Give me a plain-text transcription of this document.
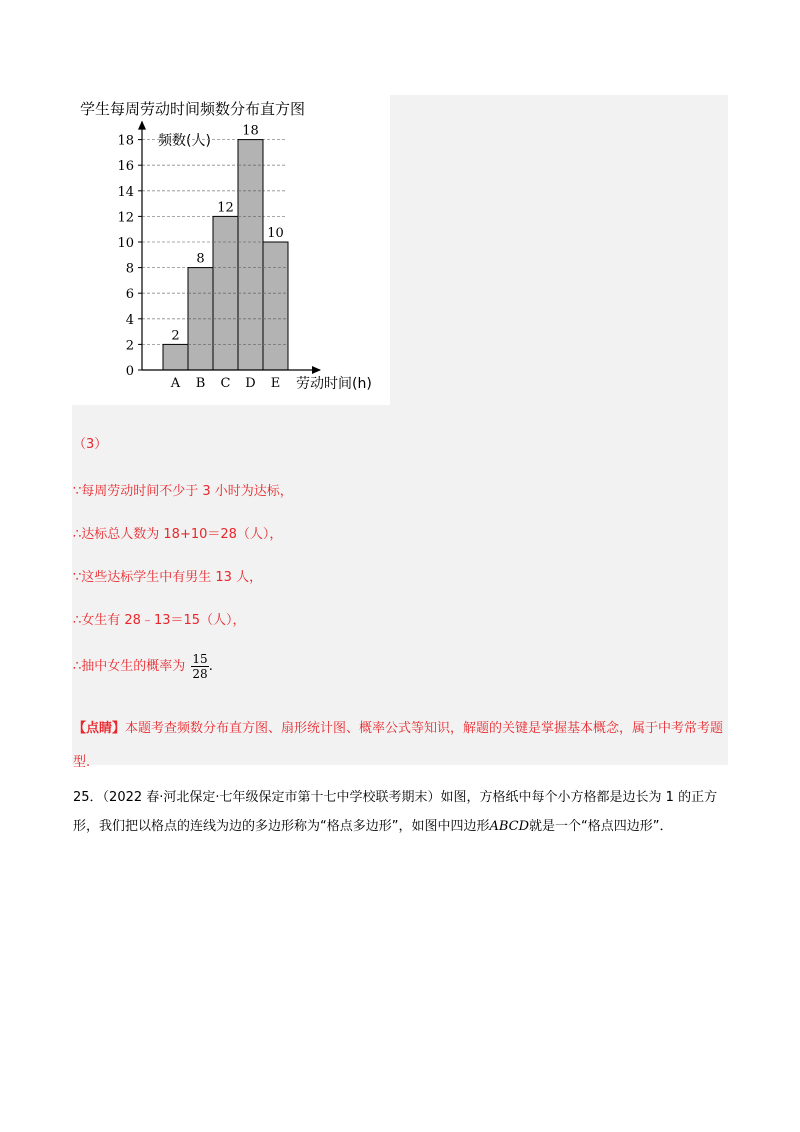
学生每周劳动时间频数分布直方图
频数(人)
劳动时间(h)
0
2
4
6
8
10
12
14
16
18
2
A
8
B
12
C
18
D
10
E
（3）
∵每周劳动时间不少于 3 小时为达标，
∴达标总人数为 18+10＝28（人），
∵这些达标学生中有男生 13 人，
∴女生有 28﹣13＝15（人），
∴抽中女生的概率为 $\frac{15}{28}$ .
【点睛】本题考查频数分布直方图、扇形统计图、概率公式等知识，解题的关键是掌握基本概念，属于中考常考题型.
25．（2022 春·河北保定·七年级保定市第十七中学校联考期末）如图，方格纸中每个小方格都是边长为 1 的正方形，我们把以格点的连线为边的多边形称为“格点多边形”，如图中四边形ABCD就是一个“格点四边形”．
